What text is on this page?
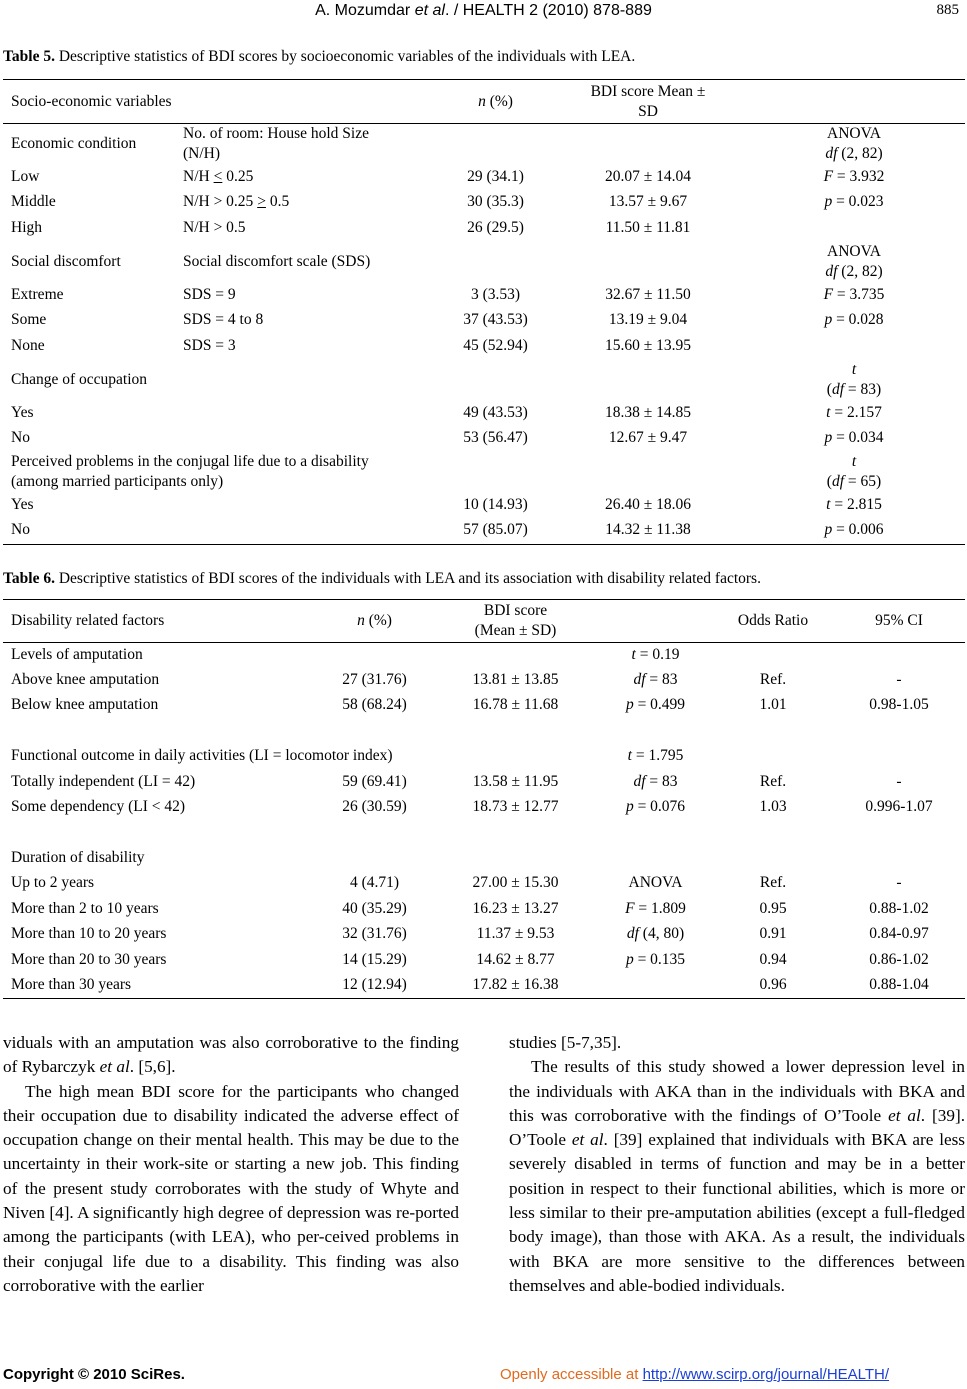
A. Mozumdar et al. / HEALTH 2 (2010) 878-889	885
Table 5. Descriptive statistics of BDI scores by socioeconomic variables of the individuals with LEA.
Socio-economic variables		n (%)	BDI score Mean ±
SD	
Economic condition	No. of room: House hold Size
(N/H)			ANOVA
df (2, 82)
Low	N/H < 0.25	29 (34.1)	20.07 ± 14.04	F = 3.932
Middle	N/H > 0.25 > 0.5	30 (35.3)	13.57 ± 9.67	p = 0.023
High	N/H > 0.5	26 (29.5)	11.50 ± 11.81	
Social discomfort	Social discomfort scale (SDS)			ANOVA
df (2, 82)
Extreme	SDS = 9	3 (3.53)	32.67 ± 11.50	F = 3.735
Some	SDS = 4 to 8	37 (43.53)	13.19 ± 9.04	p = 0.028
None	SDS = 3	45 (52.94)	15.60 ± 13.95	
Change of occupation				t
(df = 83)
Yes		49 (43.53)	18.38 ± 14.85	t = 2.157
No		53 (56.47)	12.67 ± 9.47	p = 0.034
Perceived problems in the conjugal life due to a disability
(among married participants only)				t
(df = 65)
Yes		10 (14.93)	26.40 ± 18.06	t = 2.815
No		57 (85.07)	14.32 ± 11.38	p = 0.006
Table 6. Descriptive statistics of BDI scores of the individuals with LEA and its association with disability related factors.
Disability related factors	n (%)	BDI score
(Mean ± SD)		Odds Ratio	95% CI
Levels of amputation			t = 0.19		
Above knee amputation	27 (31.76)	13.81 ± 13.85	df = 83	Ref.	-
Below knee amputation	58 (68.24)	16.78 ± 11.68	p = 0.499	1.01	0.98-1.05

Functional outcome in daily activities (LI = locomotor index)			t = 1.795		
Totally independent (LI = 42)	59 (69.41)	13.58 ± 11.95	df = 83	Ref.	-
Some dependency (LI < 42)	26 (30.59)	18.73 ± 12.77	p = 0.076	1.03	0.996-1.07

Duration of disability					
Up to 2 years	4 (4.71)	27.00 ± 15.30	ANOVA	Ref.	-
More than 2 to 10 years	40 (35.29)	16.23 ± 13.27	F = 1.809	0.95	0.88-1.02
More than 10 to 20 years	32 (31.76)	11.37 ± 9.53	df (4, 80)	0.91	0.84-0.97
More than 20 to 30 years	14 (15.29)	14.62 ± 8.77	p = 0.135	0.94	0.86-1.02
More than 30 years	12 (12.94)	17.82 ± 16.38		0.96	0.88-1.04

viduals with an amputation was also corroborative to the finding of Rybarczyk et al. [5,6].

The high mean BDI score for the participants who changed their occupation due to disability indicated the adverse effect of occupation change on their mental health. This may be due to the uncertainty in their work-site or starting a new job. This finding of the present study corroborates with the study of Whyte and Niven [4]. A significantly high degree of depression was re-ported among the participants (with LEA), who per-ceived problems in their conjugal life due to a disability. This finding was also corroborative with the earlier

studies [5-7,35].

The results of this study showed a lower depression level in the individuals with AKA than in the individuals with BKA and this was corroborative with the findings of O’Toole et al. [39]. O’Toole et al. [39] explained that individuals with BKA are less severely disabled in terms of function and may be in a better position in respect to their functional abilities, which is more or less similar to their pre-amputation abilities (except a full-fledged body image), than those with AKA. As a result, the individuals with BKA are more sensitive to the differences between themselves and able-bodied individuals.

Copyright © 2010 SciRes.	Openly accessible at http://www.scirp.org/journal/HEALTH/
